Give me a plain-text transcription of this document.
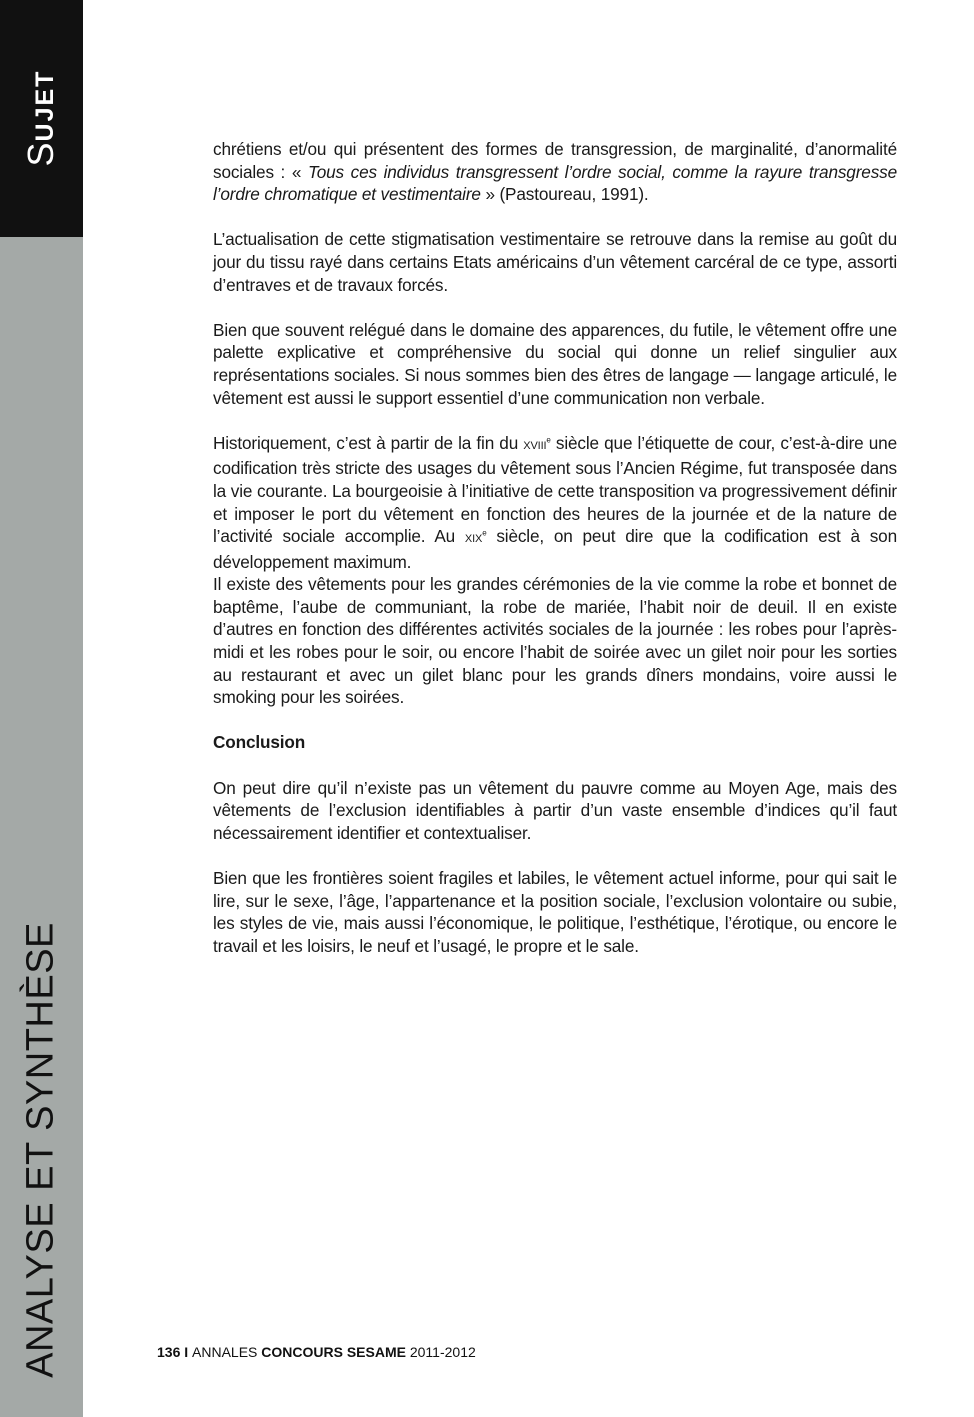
SUJET
ANALYSE ET SYNTHÈSE

chrétiens et/ou qui présentent des formes de transgression, de marginalité, d’anormalité sociales : « Tous ces individus transgressent l’ordre social, comme la rayure transgresse l’ordre chromatique et vestimentaire » (Pastoureau, 1991).

L’actualisation de cette stigmatisation vestimentaire se retrouve dans la remise au goût du jour du tissu rayé dans certains Etats américains d’un vêtement carcéral de ce type, assorti d’entraves et de travaux forcés.

Bien que souvent relégué dans le domaine des apparences, du futile, le vêtement offre une palette explicative et compréhensive du social qui donne un relief singulier aux représentations sociales. Si nous sommes bien des êtres de langage — langage articulé, le vêtement est aussi le support essentiel d’une communication non verbale.

Historiquement, c’est à partir de la fin du XVIIIe siècle que l’étiquette de cour, c’est-à-dire une codification très stricte des usages du vêtement sous l’Ancien Régime, fut transposée dans la vie courante. La bourgeoisie à l’initiative de cette transposition va progressivement définir et imposer le port du vêtement en fonction des heures de la journée et de la nature de l’activité sociale accomplie. Au XIXe siècle, on peut dire que la codification est à son développement maximum.

Il existe des vêtements pour les grandes cérémonies de la vie comme la robe et bonnet de baptême, l’aube de communiant, la robe de mariée, l’habit noir de deuil. Il en existe d’autres en fonction des différentes activités sociales de la journée : les robes pour l’après-midi et les robes pour le soir, ou encore l’habit de soirée avec un gilet noir pour les sorties au restaurant et avec un gilet blanc pour les grands dîners mondains, voire aussi le smoking pour les soirées.

Conclusion

On peut dire qu’il n’existe pas un vêtement du pauvre comme au Moyen Age, mais des vêtements de l’exclusion identifiables à partir d’un vaste ensemble d’indices qu’il faut nécessairement identifier et contextualiser.

Bien que les frontières soient fragiles et labiles, le vêtement actuel informe, pour qui sait le lire, sur le sexe, l’âge, l’appartenance et la position sociale, l’exclusion volontaire ou subie, les styles de vie, mais aussi l’économique, le politique, l’esthétique, l’érotique, ou encore le travail et les loisirs, le neuf et l’usagé, le propre et le sale.

136 I ANNALES CONCOURS SESAME 2011-2012
